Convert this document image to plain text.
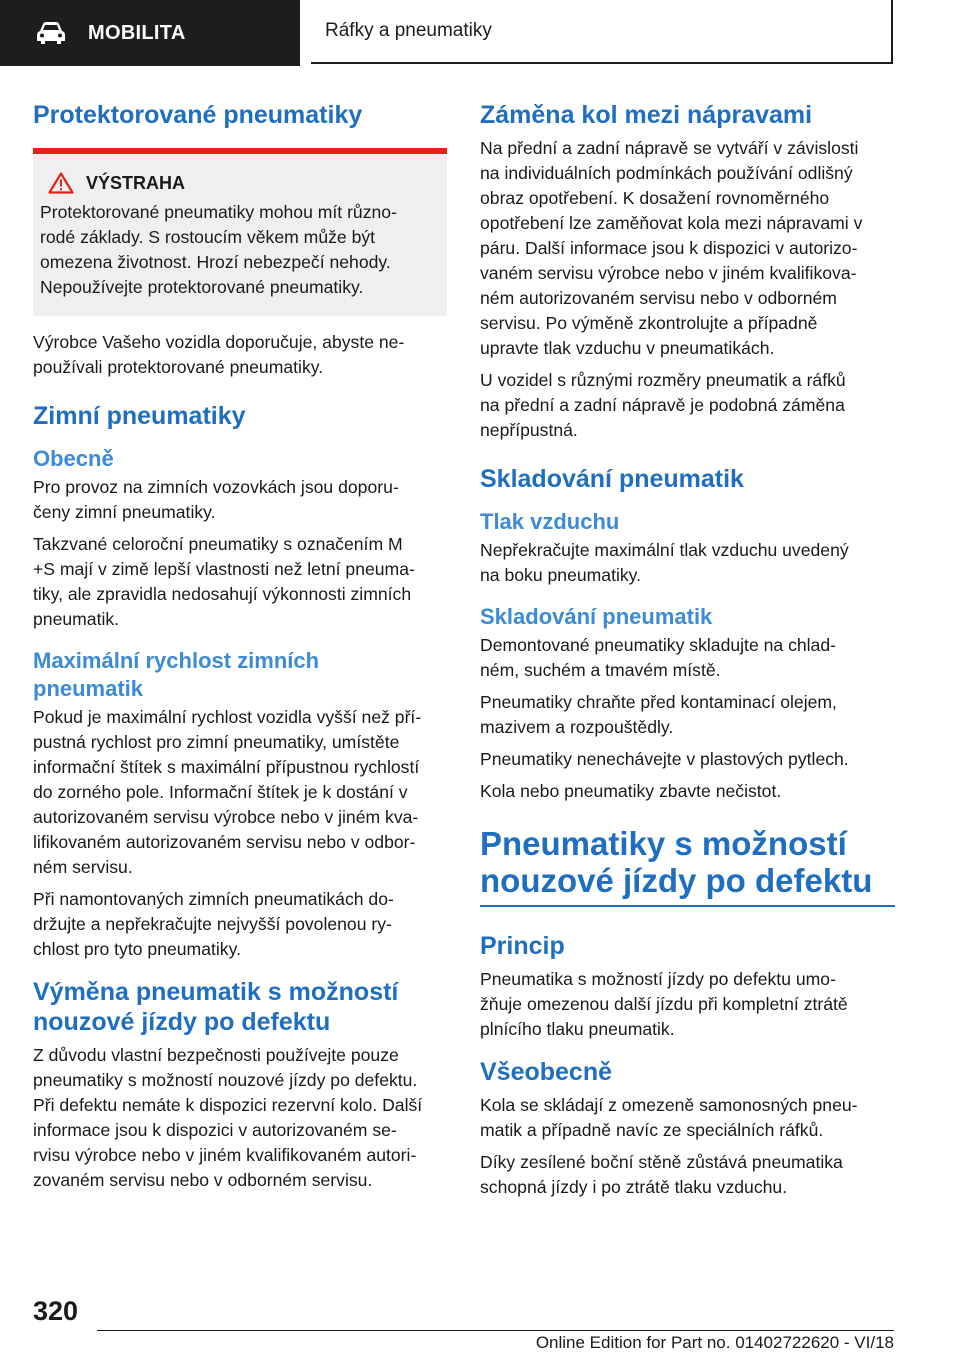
MOBILITA	Ráfky a pneumatiky
Protektorované pneumatiky
VÝSTRAHA

Protektorované pneumatiky mohou mít různo-
rodé základy. S rostoucím věkem může být
omezena životnost. Hrozí nebezpečí nehody.
Nepoužívejte protektorované pneumatiky.

Výrobce Vašeho vozidla doporučuje, abyste ne-
používali protektorované pneumatiky.

Zimní pneumatiky
Obecně

Pro provoz na zimních vozovkách jsou doporu-
čeny zimní pneumatiky.

Takzvané celoroční pneumatiky s označením M
+S mají v zimě lepší vlastnosti než letní pneuma-
tiky, ale zpravidla nedosahují výkonnosti zimních
pneumatik.

Maximální rychlost zimních
pneumatik

Pokud je maximální rychlost vozidla vyšší než pří-
pustná rychlost pro zimní pneumatiky, umístěte
informační štítek s maximální přípustnou rychlostí
do zorného pole. Informační štítek je k dostání v
autorizovaném servisu výrobce nebo v jiném kva-
lifikovaném autorizovaném servisu nebo v odbor-
ném servisu.

Při namontovaných zimních pneumatikách do-
držujte a nepřekračujte nejvyšší povolenou ry-
chlost pro tyto pneumatiky.

Výměna pneumatik s možností
nouzové jízdy po defektu

Z důvodu vlastní bezpečnosti používejte pouze
pneumatiky s možností nouzové jízdy po defektu.
Při defektu nemáte k dispozici rezervní kolo. Další
informace jsou k dispozici v autorizovaném se-
rvisu výrobce nebo v jiném kvalifikovaném autori-
zovaném servisu nebo v odborném servisu.

Záměna kol mezi nápravami

Na přední a zadní nápravě se vytváří v závislosti
na individuálních podmínkách používání odlišný
obraz opotřebení. K dosažení rovnoměrného
opotřebení lze zaměňovat kola mezi nápravami v
páru. Další informace jsou k dispozici v autorizo-
vaném servisu výrobce nebo v jiném kvalifikova-
ném autorizovaném servisu nebo v odborném
servisu. Po výměně zkontrolujte a případně
upravte tlak vzduchu v pneumatikách.

U vozidel s různými rozměry pneumatik a ráfků
na přední a zadní nápravě je podobná záměna
nepřípustná.

Skladování pneumatik
Tlak vzduchu

Nepřekračujte maximální tlak vzduchu uvedený
na boku pneumatiky.

Skladování pneumatik

Demontované pneumatiky skladujte na chlad-
ném, suchém a tmavém místě.

Pneumatiky chraňte před kontaminací olejem,
mazivem a rozpouštědly.

Pneumatiky nenechávejte v plastových pytlech.

Kola nebo pneumatiky zbavte nečistot.

Pneumatiky s možností
nouzové jízdy po defektu
Princip

Pneumatika s možností jízdy po defektu umo-
žňuje omezenou další jízdu při kompletní ztrátě
plnícího tlaku pneumatik.

Všeobecně

Kola se skládají z omezeně samonosných pneu-
matik a případně navíc ze speciálních ráfků.

Díky zesílené boční stěně zůstává pneumatika
schopná jízdy i po ztrátě tlaku vzduchu.

320
Online Edition for Part no. 01402722620 - VI/18
